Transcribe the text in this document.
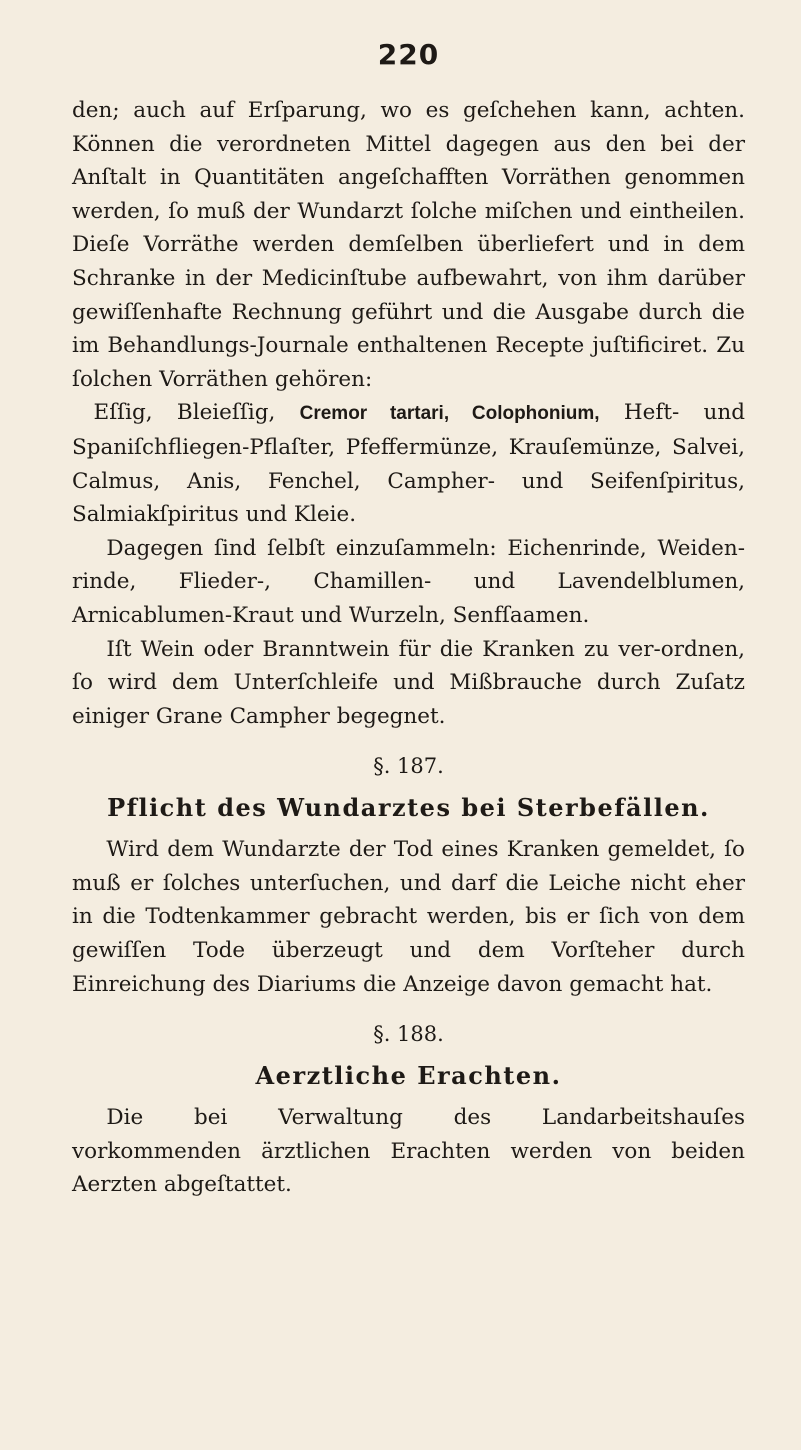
220

den; auch auf Erſparung, wo es geſchehen kann, achten. Können die verordneten Mittel dagegen aus den bei der Anſtalt in Quantitäten angeſchafften Vorräthen genommen werden, ſo muß der Wundarzt ſolche miſchen und eintheilen. Dieſe Vorräthe werden demſelben überliefert und in dem Schranke in der Medicinſtube aufbewahrt, von ihm darüber gewiſſenhafte Rechnung geführt und die Ausgabe durch die im Behandlungs-Journale enthaltenen Recepte juſtificiret. Zu ſolchen Vorräthen gehören:

Eſſig, Bleieſſig, Cremor tartari, Colophonium, Heft- und Spaniſchfliegen-Pflaſter, Pfeffermünze, Krauſemünze, Salvei, Calmus, Anis, Fenchel, Campher- und Seifenſpiritus, Salmiakſpiritus und Kleie.

Dagegen ſind ſelbſt einzuſammeln: Eichenrinde, Weiden-rinde, Flieder-, Chamillen- und Lavendelblumen, Arnicablumen-Kraut und Wurzeln, Senfſaamen.

Iſt Wein oder Branntwein für die Kranken zu ver-ordnen, ſo wird dem Unterſchleife und Mißbrauche durch Zuſatz einiger Grane Campher begegnet.

§. 187.
Pflicht des Wundarztes bei Sterbefällen.

Wird dem Wundarzte der Tod eines Kranken gemeldet, ſo muß er ſolches unterſuchen, und darf die Leiche nicht eher in die Todtenkammer gebracht werden, bis er ſich von dem gewiſſen Tode überzeugt und dem Vorſteher durch Einreichung des Diariums die Anzeige davon gemacht hat.

§. 188.
Aerztliche Erachten.

Die bei Verwaltung des Landarbeitshauſes vorkommenden ärztlichen Erachten werden von beiden Aerzten abgeſtattet.
